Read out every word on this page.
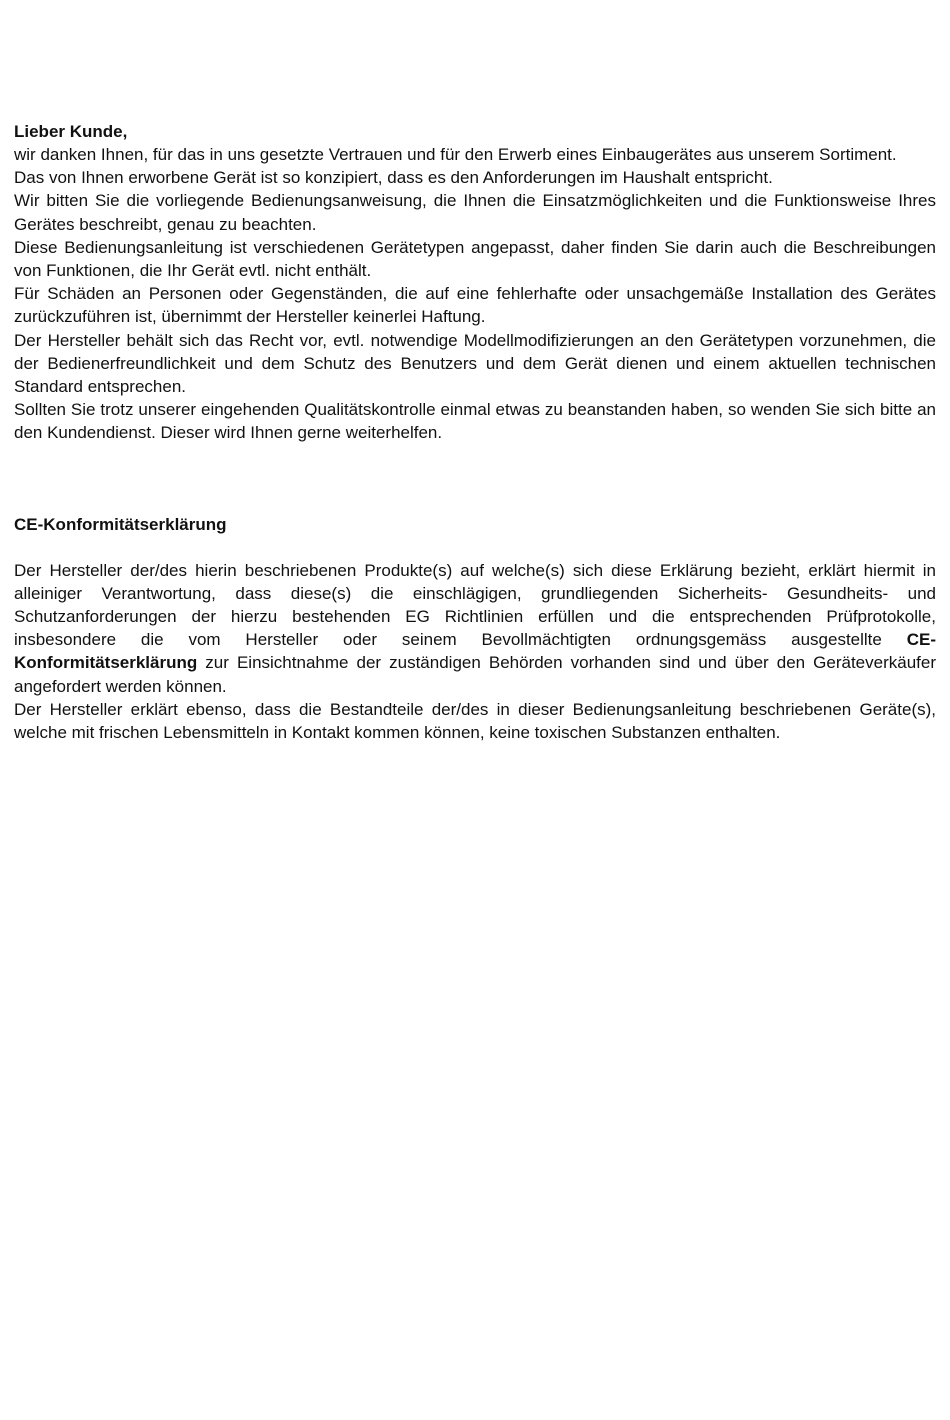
Lieber Kunde,

wir danken Ihnen, für das in uns gesetzte Vertrauen und für den Erwerb eines Einbaugerätes aus unserem Sortiment.

Das von Ihnen erworbene Gerät ist so konzipiert, dass es den Anforderungen im Haushalt entspricht.

Wir bitten Sie die vorliegende Bedienungsanweisung, die Ihnen die Einsatzmöglichkeiten und die Funktionsweise Ihres Gerätes beschreibt, genau zu beachten.

Diese Bedienungsanleitung ist verschiedenen Gerätetypen angepasst, daher finden Sie darin auch die Beschreibungen von Funktionen, die Ihr Gerät evtl. nicht enthält.

Für Schäden an Personen oder Gegenständen, die auf eine fehlerhafte oder unsachgemäße Installation des Gerätes zurückzuführen ist, übernimmt der Hersteller keinerlei Haftung.

Der Hersteller behält sich das Recht vor, evtl. notwendige Modellmodifizierungen an den Gerätetypen vorzunehmen, die der Bedienerfreundlichkeit und dem Schutz des Benutzers und dem Gerät dienen und einem aktuellen technischen Standard entsprechen.

Sollten Sie trotz unserer eingehenden Qualitätskontrolle einmal etwas zu beanstanden haben, so wenden Sie sich bitte an den Kundendienst. Dieser wird Ihnen gerne weiterhelfen.

CE-Konformitätserklärung

Der Hersteller der/des hierin beschriebenen Produkte(s) auf welche(s) sich diese Erklärung bezieht, erklärt hiermit in alleiniger Verantwortung, dass diese(s) die einschlägigen, grundliegenden Sicherheits- Gesundheits- und Schutzanforderungen der hierzu bestehenden EG Richtlinien erfüllen und die entsprechenden Prüfprotokolle, insbesondere die vom Hersteller oder seinem Bevollmächtigten ordnungsgemäss ausgestellte CE-Konformitätserklärung zur Einsichtnahme der zuständigen Behörden vorhanden sind und über den Geräteverkäufer angefordert werden können.

Der Hersteller erklärt ebenso, dass die Bestandteile der/des in dieser Bedienungsanleitung beschriebenen Geräte(s), welche mit frischen Lebensmitteln in Kontakt kommen können, keine toxischen Substanzen enthalten.
